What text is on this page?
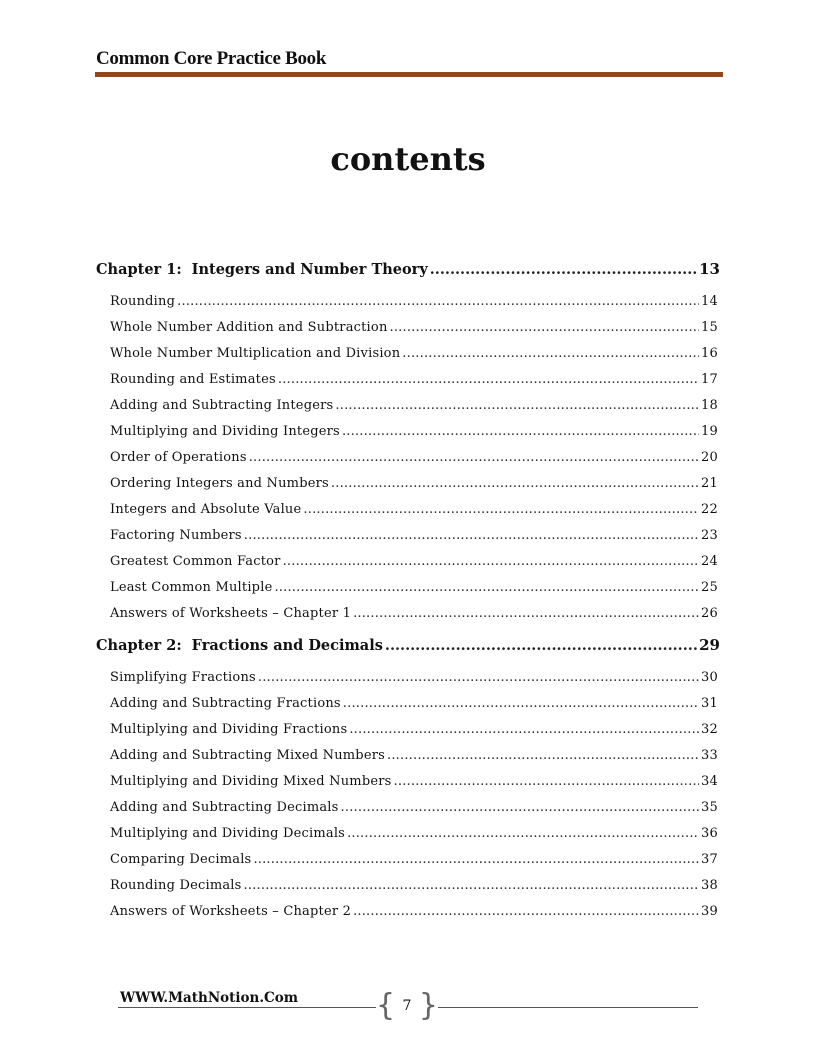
Common Core Practice Book
contents
Chapter 1: Integers and Number Theory .....	13
Rounding .....	14
Whole Number Addition and Subtraction .....	15
Whole Number Multiplication and Division .....	16
Rounding and Estimates .....	17
Adding and Subtracting Integers .....	18
Multiplying and Dividing Integers .....	19
Order of Operations .....	20
Ordering Integers and Numbers .....	21
Integers and Absolute Value .....	22
Factoring Numbers .....	23
Greatest Common Factor .....	24
Least Common Multiple .....	25
Answers of Worksheets – Chapter 1 .....	26
Chapter 2: Fractions and Decimals .....	29
Simplifying Fractions .....	30
Adding and Subtracting Fractions .....	31
Multiplying and Dividing Fractions .....	32
Adding and Subtracting Mixed Numbers .....	33
Multiplying and Dividing Mixed Numbers .....	34
Adding and Subtracting Decimals .....	35
Multiplying and Dividing Decimals .....	36
Comparing Decimals .....	37
Rounding Decimals .....	38
Answers of Worksheets – Chapter 2 .....	39
WWW.MathNotion.Com	7
{ }
